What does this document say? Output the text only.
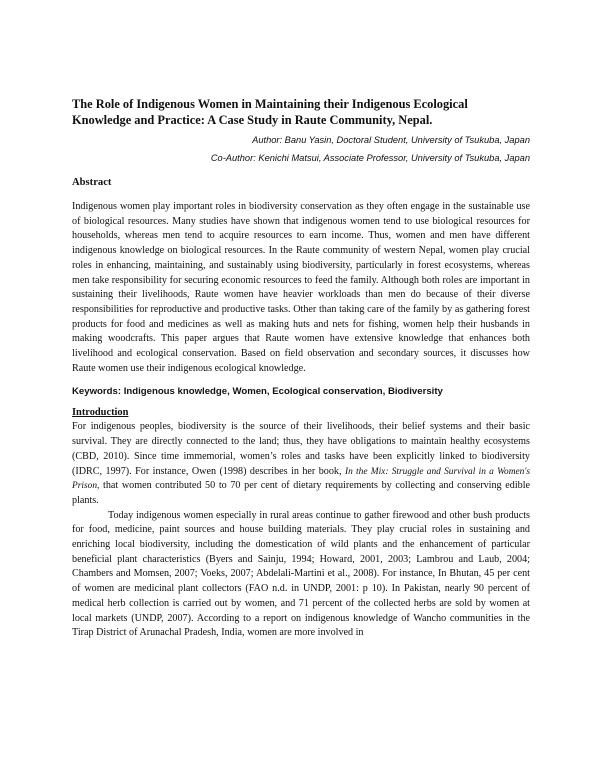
The Role of Indigenous Women in Maintaining their Indigenous Ecological Knowledge and Practice: A Case Study in Raute Community, Nepal.

Author: Banu Yasin, Doctoral Student, University of Tsukuba, Japan

Co-Author: Kenichi Matsui, Associate Professor, University of Tsukuba, Japan

Abstract

Indigenous women play important roles in biodiversity conservation as they often engage in the sustainable use of biological resources. Many studies have shown that indigenous women tend to use biological resources for households, whereas men tend to acquire resources to earn income. Thus, women and men have different indigenous knowledge on biological resources. In the Raute community of western Nepal, women play crucial roles in enhancing, maintaining, and sustainably using biodiversity, particularly in forest ecosystems, whereas men take responsibility for securing economic resources to feed the family. Although both roles are important in sustaining their livelihoods, Raute women have heavier workloads than men do because of their diverse responsibilities for reproductive and productive tasks. Other than taking care of the family by as gathering forest products for food and medicines as well as making huts and nets for fishing, women help their husbands in making woodcrafts. This paper argues that Raute women have extensive knowledge that enhances both livelihood and ecological conservation. Based on field observation and secondary sources, it discusses how Raute women use their indigenous ecological knowledge.

Keywords: Indigenous knowledge, Women, Ecological conservation, Biodiversity

Introduction

For indigenous peoples, biodiversity is the source of their livelihoods, their belief systems and their basic survival. They are directly connected to the land; thus, they have obligations to maintain healthy ecosystems (CBD, 2010). Since time immemorial, women’s roles and tasks have been explicitly linked to biodiversity (IDRC, 1997). For instance, Owen (1998) describes in her book, In the Mix: Struggle and Survival in a Women's Prison, that women contributed 50 to 70 per cent of dietary requirements by collecting and conserving edible plants.

Today indigenous women especially in rural areas continue to gather firewood and other bush products for food, medicine, paint sources and house building materials. They play crucial roles in sustaining and enriching local biodiversity, including the domestication of wild plants and the enhancement of particular beneficial plant characteristics (Byers and Sainju, 1994; Howard, 2001, 2003; Lambrou and Laub, 2004; Chambers and Momsen, 2007; Voeks, 2007; Abdelali-Martini et al., 2008). For instance, In Bhutan, 45 per cent of women are medicinal plant collectors (FAO n.d. in UNDP, 2001: p 10). In Pakistan, nearly 90 percent of medical herb collection is carried out by women, and 71 percent of the collected herbs are sold by women at local markets (UNDP, 2007). According to a report on indigenous knowledge of Wancho communities in the Tirap District of Arunachal Pradesh, India, women are more involved in
